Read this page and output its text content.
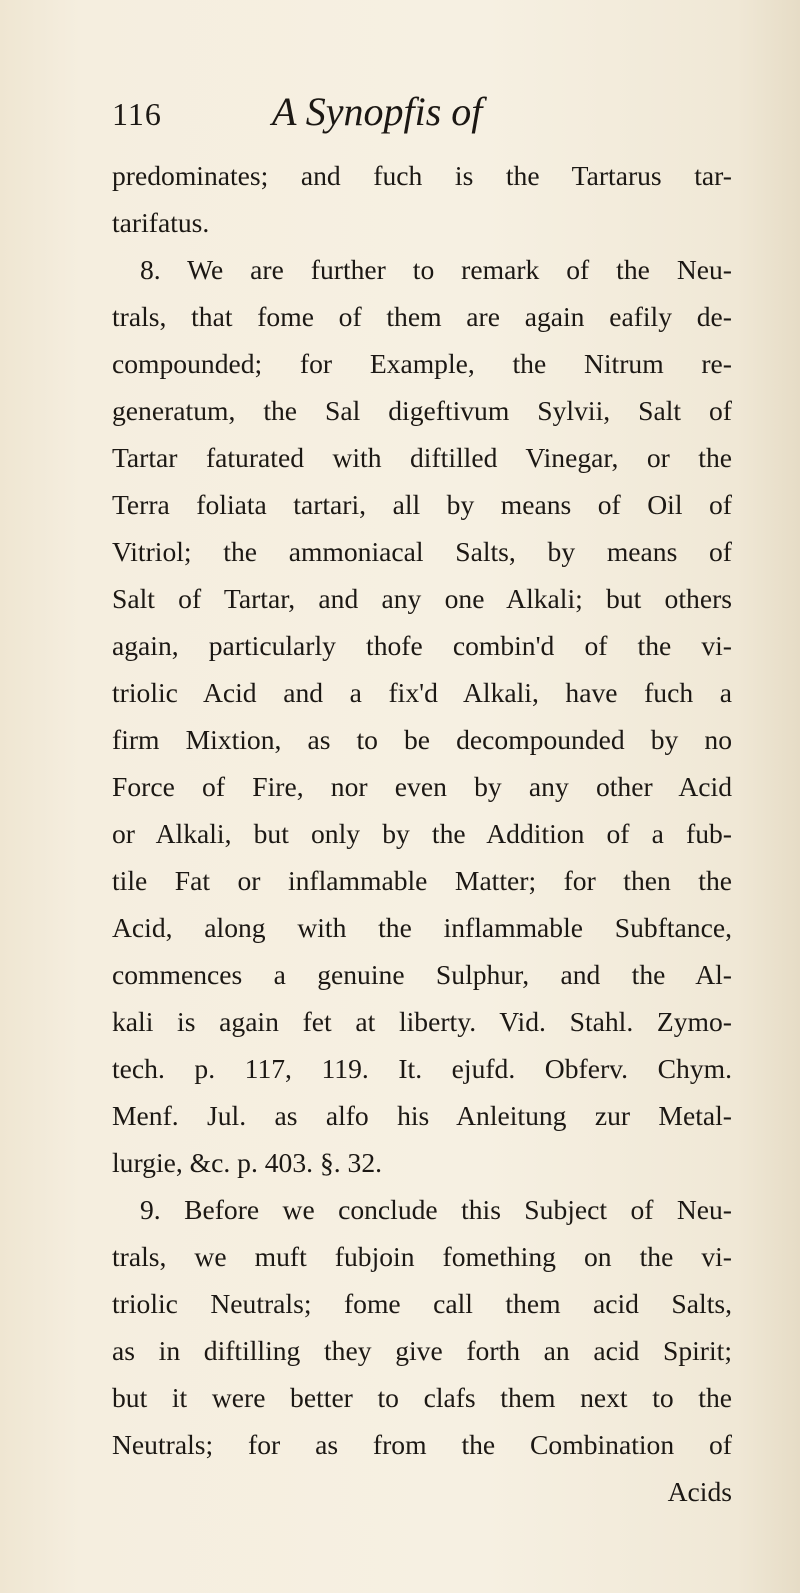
116	A Synopfis of
predominates; and fuch is the Tartarus tar-
tarifatus.
8. We are further to remark of the Neu-
trals, that fome of them are again eafily de-
compounded; for Example, the Nitrum re-
generatum, the Sal digeftivum Sylvii, Salt of
Tartar faturated with diftilled Vinegar, or the
Terra foliata tartari, all by means of Oil of
Vitriol; the ammoniacal Salts, by means of
Salt of Tartar, and any one Alkali; but others
again, particularly thofe combin'd of the vi-
triolic Acid and a fix'd Alkali, have fuch a
firm Mixtion, as to be decompounded by no
Force of Fire, nor even by any other Acid
or Alkali, but only by the Addition of a fub-
tile Fat or inflammable Matter; for then the
Acid, along with the inflammable Subftance,
commences a genuine Sulphur, and the Al-
kali is again fet at liberty. Vid. Stahl. Zymo-
tech. p. 117, 119. It. ejufd. Obferv. Chym.
Menf. Jul. as alfo his Anleitung zur Metal-
lurgie, &c. p. 403. §. 32.
9. Before we conclude this Subject of Neu-
trals, we muft fubjoin fomething on the vi-
triolic Neutrals; fome call them acid Salts,
as in diftilling they give forth an acid Spirit;
but it were better to clafs them next to the
Neutrals; for as from the Combination of
Acids
